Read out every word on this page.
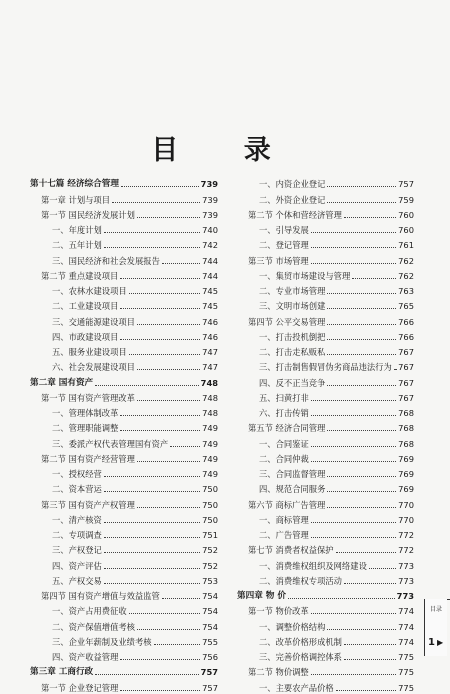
目 录
第十七篇 经济综合管理	739
第一章 计划与项目	739
第一节 国民经济发展计划	739
一、年度计划	740
二、五年计划	742
三、国民经济和社会发展报告	744
第二节 重点建设项目	744
一、农林水建设项目	745
二、工业建设项目	745
三、交通能源建设项目	746
四、市政建设项目	746
五、服务业建设项目	747
六、社会发展建设项目	747
第二章 国有资产	748
第一节 国有资产管理改革	748
一、管理体制改革	748
二、管理职能调整	749
三、委派产权代表管理国有资产	749
第二节 国有资产经营管理	749
一、授权经营	749
二、资本营运	750
第三节 国有资产产权管理	750
一、清产核资	750
二、专项调查	751
三、产权登记	752
四、资产评估	752
五、产权交易	753
第四节 国有资产增值与效益监管	754
一、资产占用费征收	754
二、资产保值增值考核	754
三、企业年薪制及业绩考核	755
四、资产收益管理	756
第三章 工商行政	757
第一节 企业登记管理	757
一、内资企业登记	757
二、外资企业登记	759
第二节 个体和营经济管理	760
一、引导发展	760
二、登记管理	761
第三节 市场管理	762
一、集贸市场建设与管理	762
二、专业市场管理	763
三、文明市场创建	765
第四节 公平交易管理	766
一、打击投机倒把	766
二、打击走私贩私	767
三、打击制售假冒伪劣商品违法行为 767
四、反不正当竞争	767
五、扫黄打非	767
六、打击传销	768
第五节 经济合同管理	768
一、合同鉴证	768
二、合同仲裁	769
三、合同监督管理	769
四、规范合同服务	769
第六节 商标广告管理	770
一、商标管理	770
二、广告管理	772
第七节 消费者权益保护	772
一、消费维权组织及网络建设	773
二、消费维权专项活动	773
第四章 物 价	773
第一节 物价改革	774
一、调整价格结构	774
二、改革价格形成机制	774
三、完善价格调控体系	775
第二节 物价调整	775
一、主要农产品价格	775
目录
1 ▶
